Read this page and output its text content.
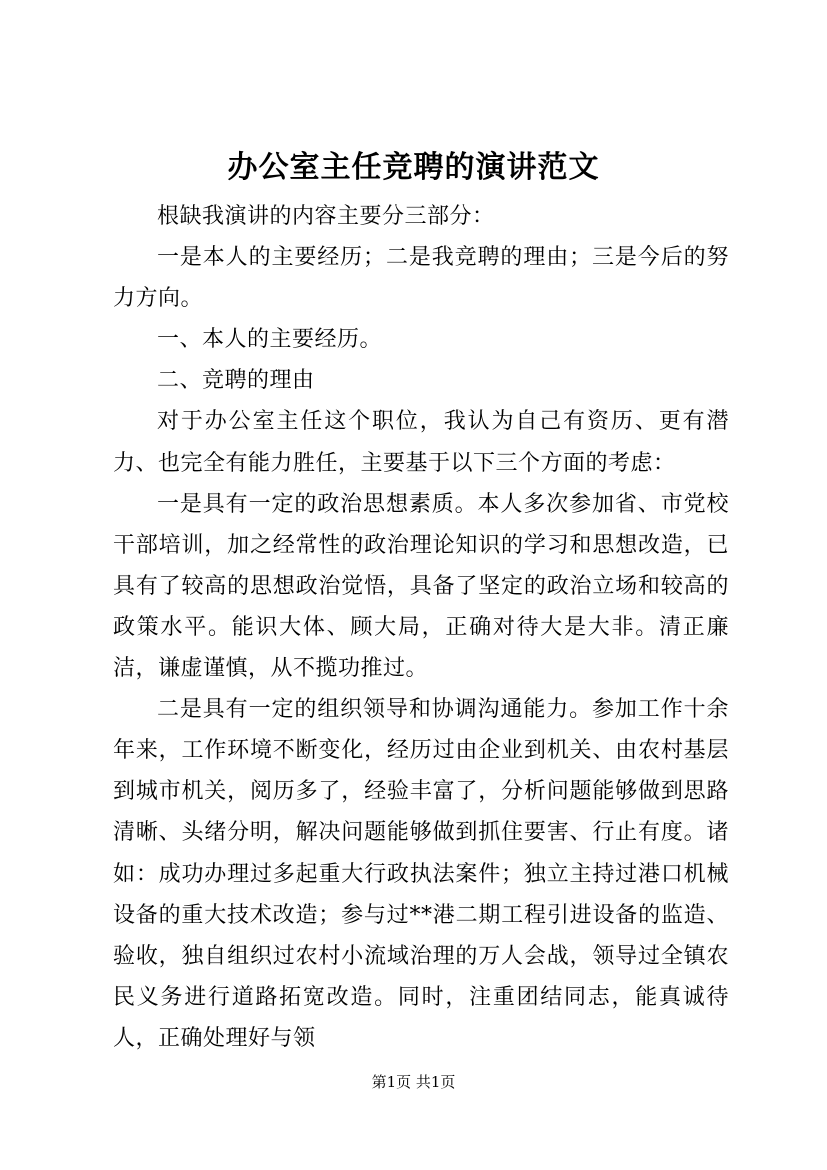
办公室主任竞聘的演讲范文

根缺我演讲的内容主要分三部分：

一是本人的主要经历；二是我竞聘的理由；三是今后的努力方向。

一、本人的主要经历。

二、竞聘的理由

对于办公室主任这个职位，我认为自己有资历、更有潜力、也完全有能力胜任，主要基于以下三个方面的考虑：

一是具有一定的政治思想素质。本人多次参加省、市党校干部培训，加之经常性的政治理论知识的学习和思想改造，已具有了较高的思想政治觉悟，具备了坚定的政治立场和较高的政策水平。能识大体、顾大局，正确对待大是大非。清正廉洁，谦虚谨慎，从不揽功推过。

二是具有一定的组织领导和协调沟通能力。参加工作十余年来，工作环境不断变化，经历过由企业到机关、由农村基层到城市机关，阅历多了，经验丰富了，分析问题能够做到思路清晰、头绪分明，解决问题能够做到抓住要害、行止有度。诸如：成功办理过多起重大行政执法案件；独立主持过港口机械设备的重大技术改造；参与过**港二期工程引进设备的监造、验收，独自组织过农村小流域治理的万人会战，领导过全镇农民义务进行道路拓宽改造。同时，注重团结同志，能真诚待人，正确处理好与领

第1页 共1页
